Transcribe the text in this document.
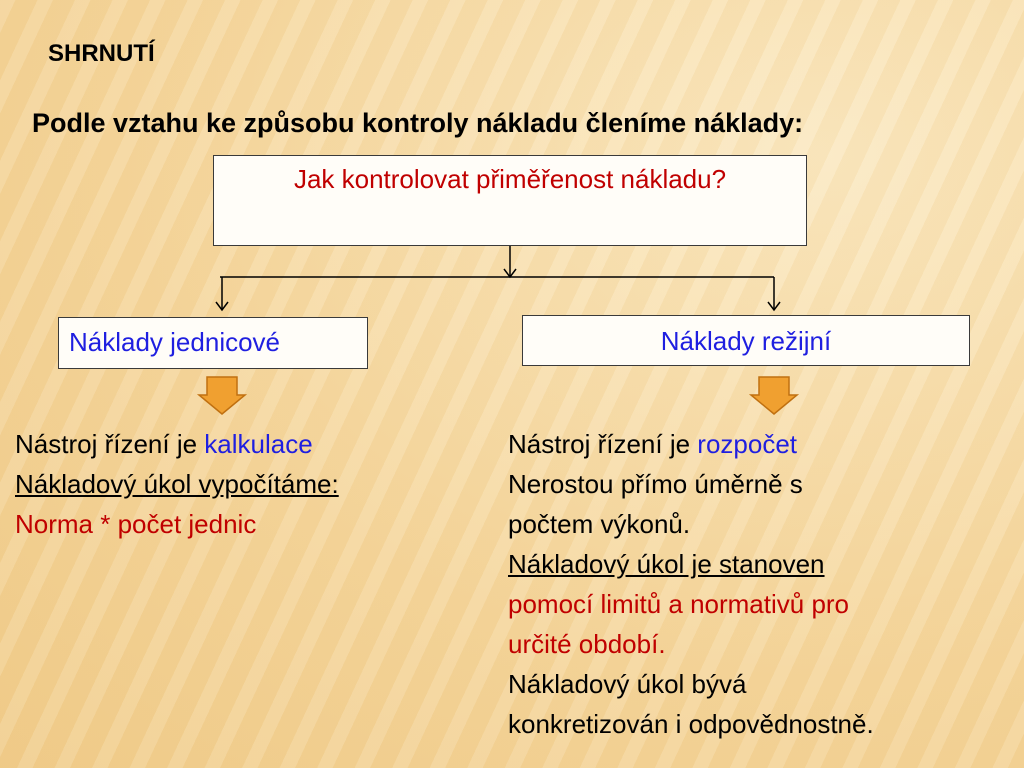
SHRNUTÍ
Podle vztahu ke způsobu kontroly nákladu členíme náklady:
Jak kontrolovat přiměřenost nákladu?
Náklady jednicové	Náklady režijní
Nástroj řízení je kalkulace
Nákladový úkol vypočítáme:
Norma * počet jednic
Nástroj řízení je rozpočet
Nerostou přímo úměrně s
počtem výkonů.
Nákladový úkol je stanoven
pomocí limitů a normativů pro
určité období.
Nákladový úkol bývá
konkretizován i odpovědnostně.
